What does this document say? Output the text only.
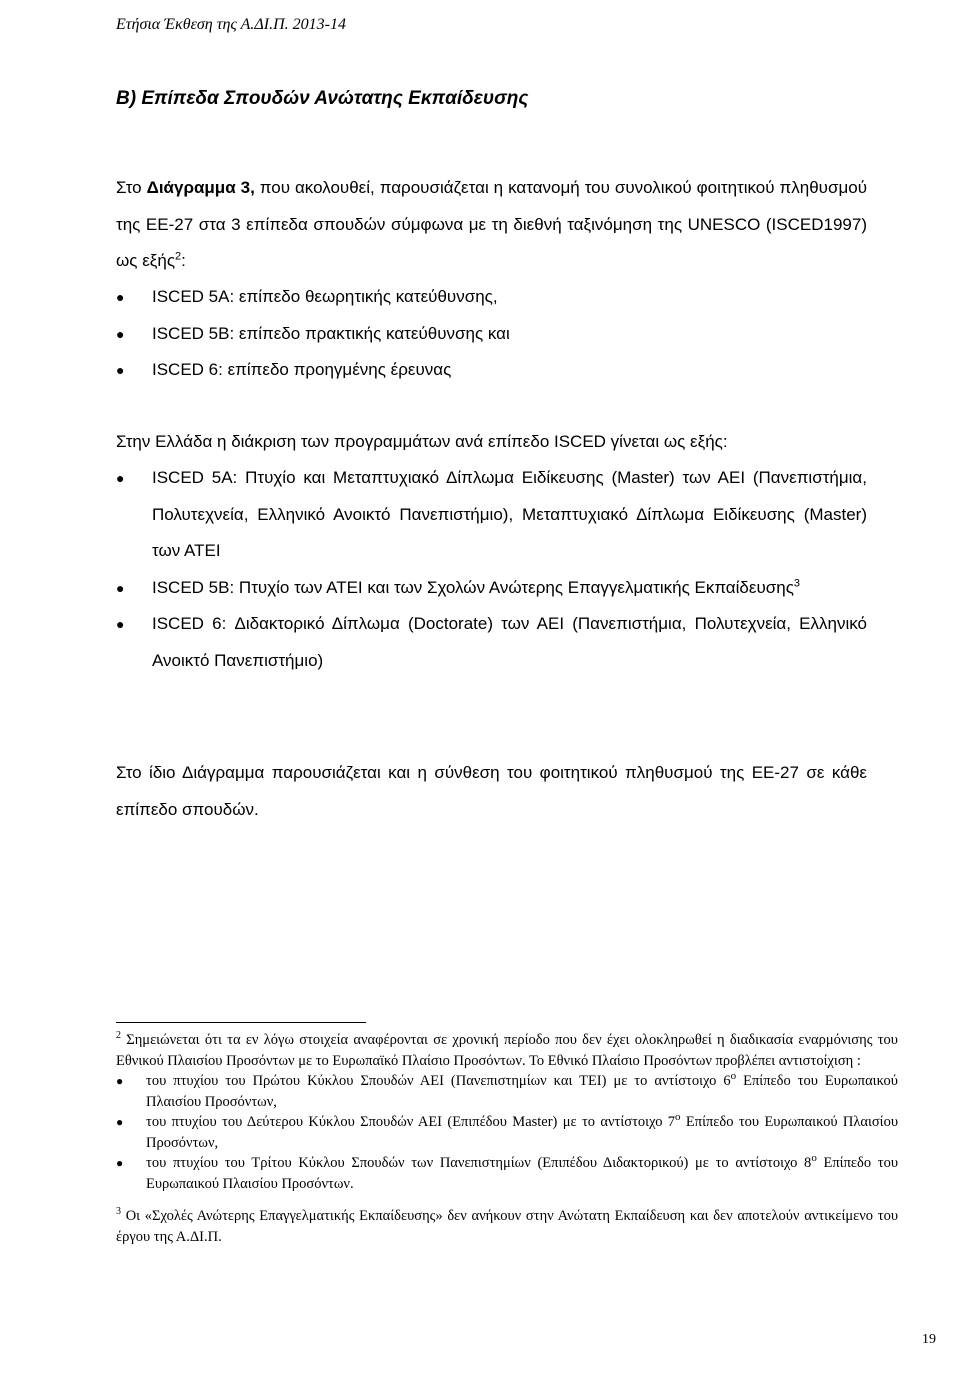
Ετήσια Έκθεση της Α.ΔΙ.Π. 2013-14
Β) Επίπεδα Σπουδών Ανώτατης Εκπαίδευσης
Στο Διάγραμμα 3, που ακολουθεί, παρουσιάζεται η κατανομή του συνολικού φοιτητικού πληθυσμού της ΕΕ-27 στα 3 επίπεδα σπουδών σύμφωνα με τη διεθνή ταξινόμηση της UNESCO (ISCED1997) ως εξής$^2$:
● ISCED 5A: επίπεδο θεωρητικής κατεύθυνσης,
● ISCED 5B: επίπεδο πρακτικής κατεύθυνσης και
● ISCED 6: επίπεδο προηγμένης έρευνας
Στην Ελλάδα η διάκριση των προγραμμάτων ανά επίπεδο ISCED γίνεται ως εξής:
● ISCED 5A: Πτυχίο και Μεταπτυχιακό Δίπλωμα Ειδίκευσης (Master) των ΑΕΙ (Πανεπιστήμια, Πολυτεχνεία, Ελληνικό Ανοικτό Πανεπιστήμιο), Μεταπτυχιακό Δίπλωμα Ειδίκευσης (Master) των ΑΤΕΙ
● ISCED 5B: Πτυχίο των ΑΤΕΙ και των Σχολών Ανώτερης Επαγγελματικής Εκπαίδευσης$^3$
● ISCED 6: Διδακτορικό Δίπλωμα (Doctorate) των ΑΕΙ (Πανεπιστήμια, Πολυτεχνεία, Ελληνικό Ανοικτό Πανεπιστήμιο)
Στο ίδιο Διάγραμμα παρουσιάζεται και η σύνθεση του φοιτητικού πληθυσμού της ΕΕ-27 σε κάθε επίπεδο σπουδών.
$^2$ Σημειώνεται ότι τα εν λόγω στοιχεία αναφέρονται σε χρονική περίοδο που δεν έχει ολοκληρωθεί η διαδικασία εναρμόνισης του Εθνικού Πλαισίου Προσόντων με το Ευρωπαϊκό Πλαίσιο Προσόντων. Το Εθνικό Πλαίσιο Προσόντων προβλέπει αντιστοίχιση :
● του πτυχίου του Πρώτου Κύκλου Σπουδών ΑΕΙ (Πανεπιστημίων και ΤΕΙ) με το αντίστοιχο $6^o$ Επίπεδο του Ευρωπαικού Πλαισίου Προσόντων,
● του πτυχίου του Δεύτερου Κύκλου Σπουδών ΑΕΙ (Επιπέδου Master) με το αντίστοιχο $7^o$ Επίπεδο του Ευρωπαικού Πλαισίου Προσόντων,
● του πτυχίου του Τρίτου Κύκλου Σπουδών των Πανεπιστημίων (Επιπέδου Διδακτορικού) με το αντίστοιχο $8^o$ Επίπεδο του Ευρωπαικού Πλαισίου Προσόντων.
$^3$ Οι «Σχολές Ανώτερης Επαγγελματικής Εκπαίδευσης» δεν ανήκουν στην Ανώτατη Εκπαίδευση και δεν αποτελούν αντικείμενο του έργου της Α.ΔΙ.Π.
19
